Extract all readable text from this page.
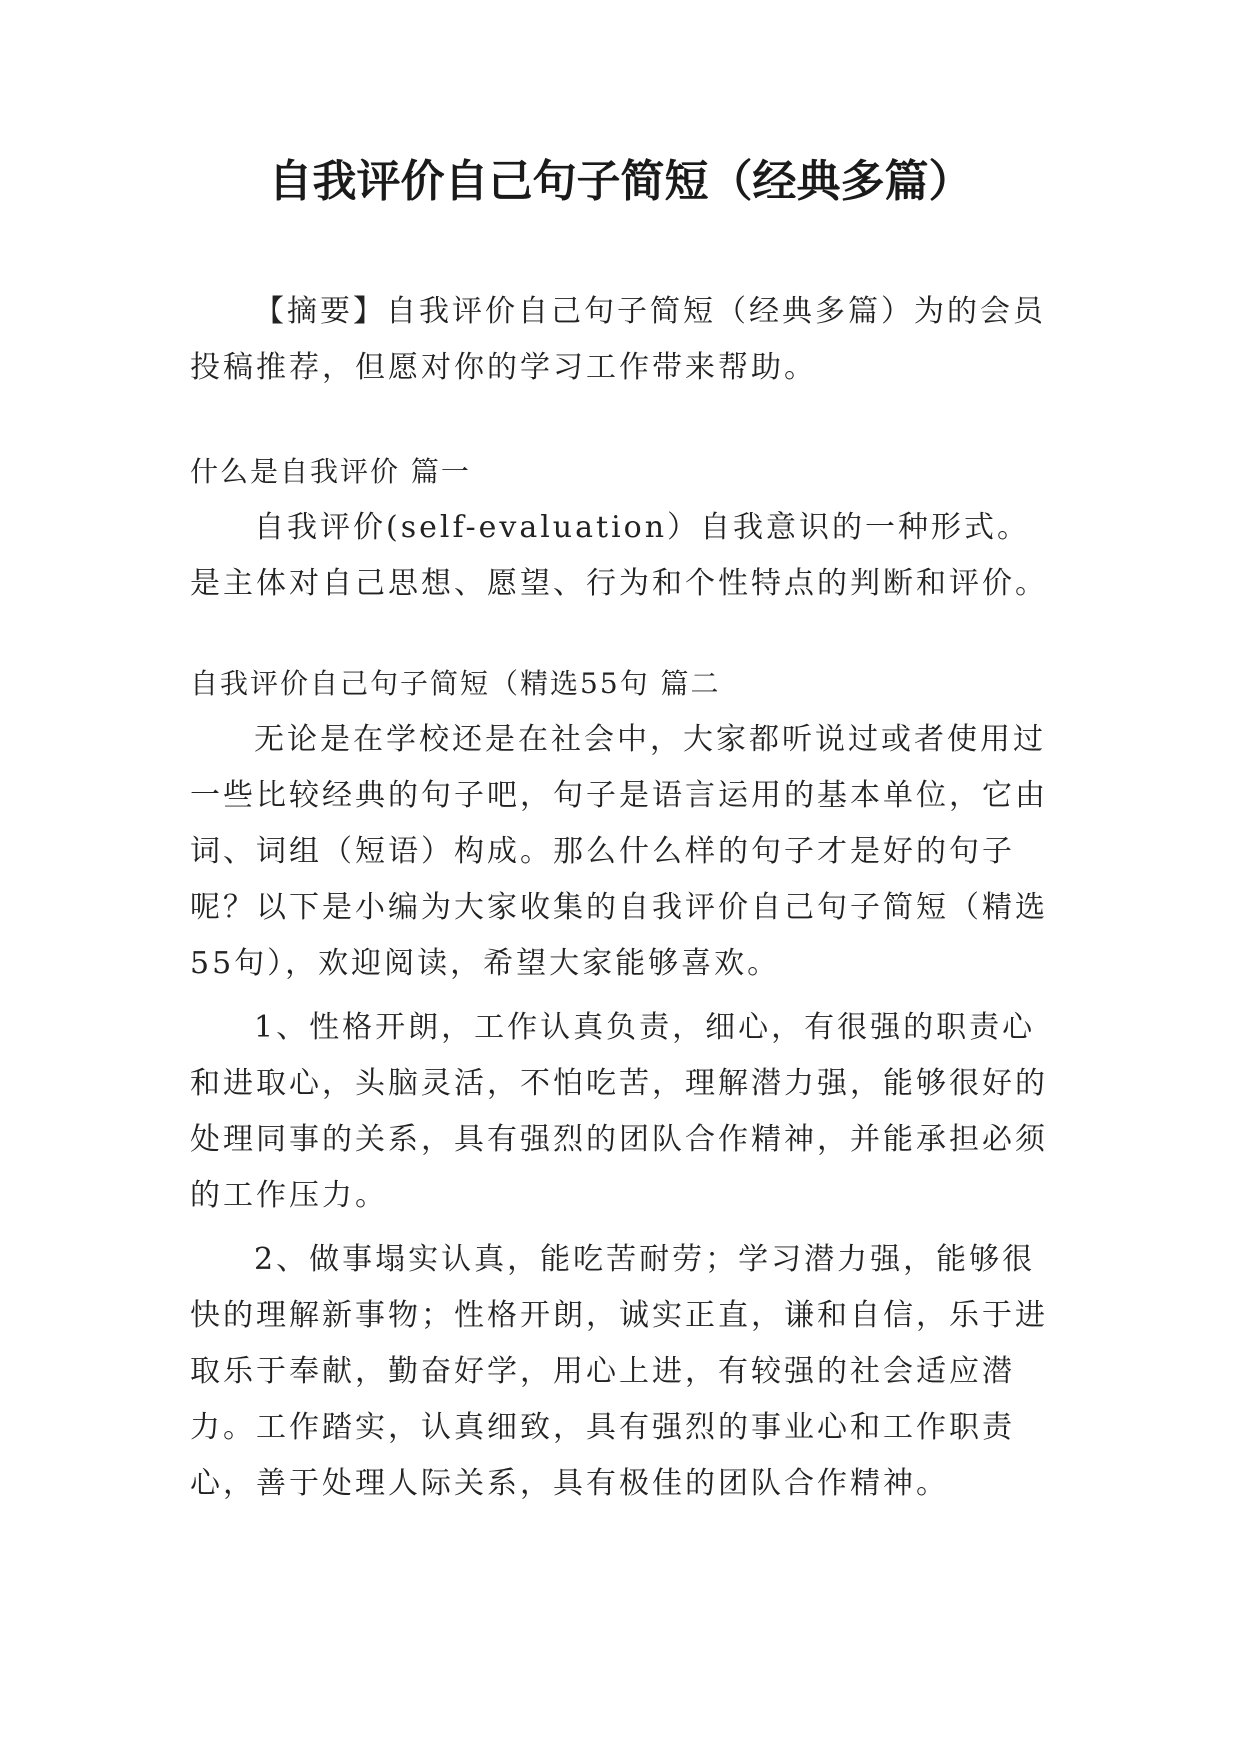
自我评价自己句子简短（经典多篇）

【摘要】自我评价自己句子简短（经典多篇）为的会员投稿推荐，但愿对你的学习工作带来帮助。

什么是自我评价 篇一

自我评价(self-evaluation）自我意识的一种形式。是主体对自己思想、愿望、行为和个性特点的判断和评价。

自我评价自己句子简短（精选55句 篇二

无论是在学校还是在社会中，大家都听说过或者使用过一些比较经典的句子吧，句子是语言运用的基本单位，它由词、词组（短语）构成。那么什么样的句子才是好的句子呢？以下是小编为大家收集的自我评价自己句子简短（精选55句），欢迎阅读，希望大家能够喜欢。

1、性格开朗，工作认真负责，细心，有很强的职责心和进取心，头脑灵活，不怕吃苦，理解潜力强，能够很好的处理同事的关系，具有强烈的团队合作精神，并能承担必须的工作压力。

2、做事塌实认真，能吃苦耐劳；学习潜力强，能够很快的理解新事物；性格开朗，诚实正直，谦和自信，乐于进取乐于奉献，勤奋好学，用心上进，有较强的社会适应潜力。工作踏实，认真细致，具有强烈的事业心和工作职责心，善于处理人际关系，具有极佳的团队合作精神。
